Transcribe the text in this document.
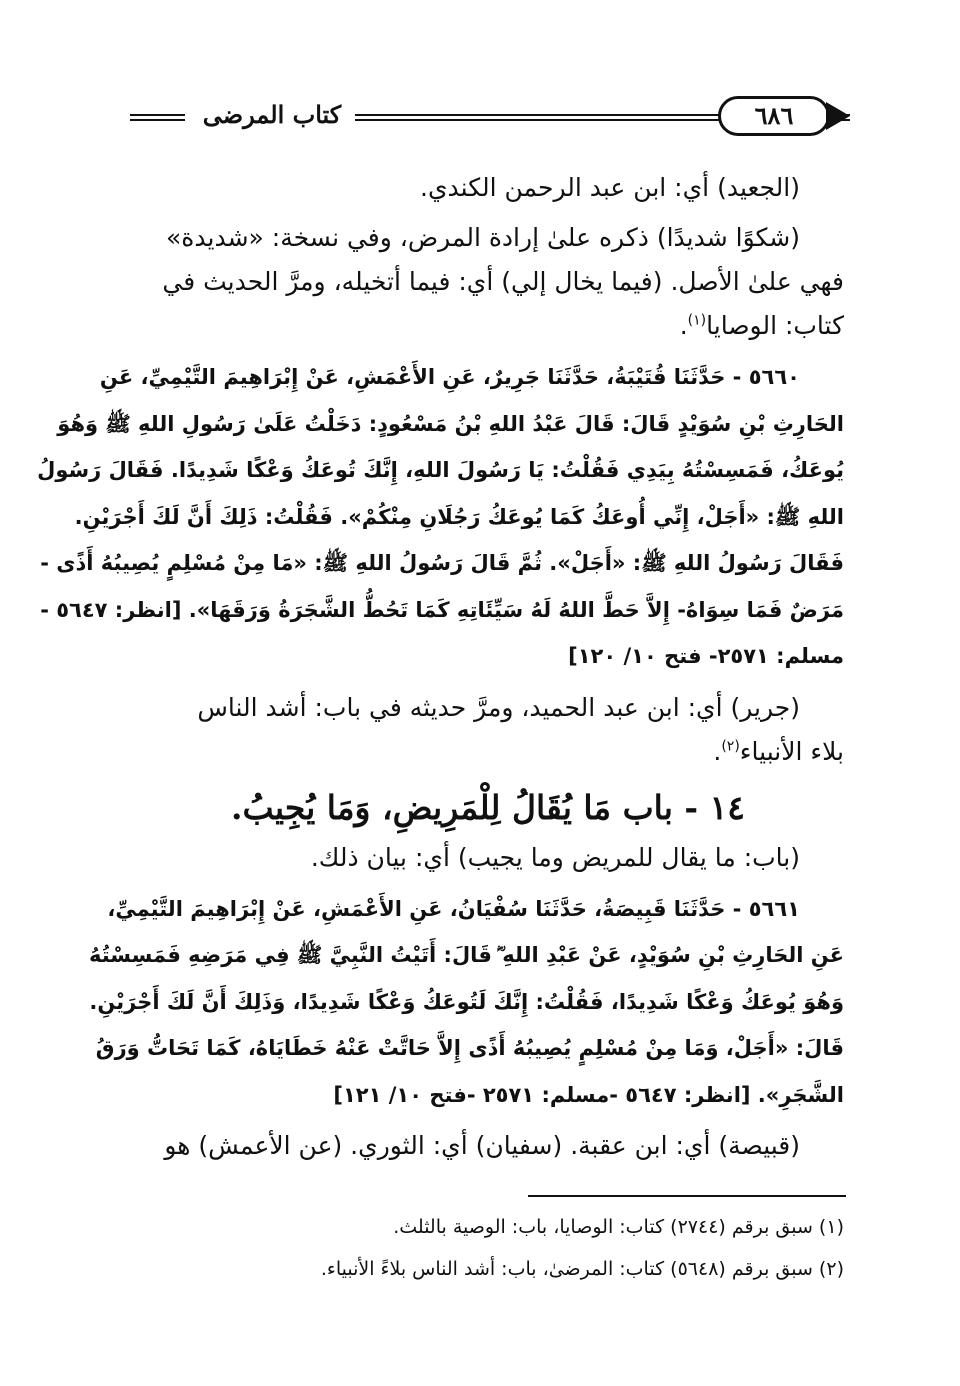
كتاب المرضى	٦٨٦

(الجعيد) أي: ابن عبد الرحمن الكندي.

(شكوًا شديدًا) ذكره علىٰ إرادة المرض، وفي نسخة: «شديدة»

فهي علىٰ الأصل. (فيما يخال إلي) أي: فيما أتخيله، ومرَّ الحديث في

كتاب: الوصايا$^{(١)}$.

٥٦٦٠ - حَدَّثَنَا قُتَيْبَةُ، حَدَّثَنَا جَرِيرٌ، عَنِ الأَعْمَشِ، عَنْ إِبْرَاهِيمَ التَّيْمِيِّ، عَنِ

الحَارِثِ بْنِ سُوَيْدٍ قَالَ: قَالَ عَبْدُ اللهِ بْنُ مَسْعُودٍ: دَخَلْتُ عَلَىٰ رَسُولِ اللهِ ﷺ وَهُوَ

يُوعَكُ، فَمَسِسْتُهُ بِيَدِي فَقُلْتُ: يَا رَسُولَ اللهِ، إِنَّكَ تُوعَكُ وَعْكًا شَدِيدًا. فَقَالَ رَسُولُ

اللهِ ﷺ: «أَجَلْ، إِنِّي أُوعَكُ كَمَا يُوعَكُ رَجُلَانِ مِنْكُمْ». فَقُلْتُ: ذَلِكَ أَنَّ لَكَ أَجْرَيْنِ.

فَقَالَ رَسُولُ اللهِ ﷺ: «أَجَلْ». ثُمَّ قَالَ رَسُولُ اللهِ ﷺ: «مَا مِنْ مُسْلِمٍ يُصِيبُهُ أَذًى -

مَرَضٌ فَمَا سِوَاهُ- إِلاَّ حَطَّ اللهُ لَهُ سَيِّئَاتِهِ كَمَا تَحُطُّ الشَّجَرَةُ وَرَقَهَا». [انظر: ٥٦٤٧ -

مسلم: ٢٥٧١- فتح ١٠/ ١٢٠]

(جرير) أي: ابن عبد الحميد، ومرَّ حديثه في باب: أشد الناس

بلاء الأنبياء$^{(٢)}$.

١٤ - باب مَا يُقَالُ لِلْمَرِيضِ، وَمَا يُجِيبُ.

(باب: ما يقال للمريض وما يجيب) أي: بيان ذلك.

٥٦٦١ - حَدَّثَنَا قَبِيصَةُ، حَدَّثَنَا سُفْيَانُ، عَنِ الأَعْمَشِ، عَنْ إِبْرَاهِيمَ التَّيْمِيِّ،

عَنِ الحَارِثِ بْنِ سُوَيْدٍ، عَنْ عَبْدِ اللهِ ؓ قَالَ: أَتَيْتُ النَّبِيَّ ﷺ فِي مَرَضِهِ فَمَسِسْتُهُ

وَهُوَ يُوعَكُ وَعْكًا شَدِيدًا، فَقُلْتُ: إِنَّكَ لَتُوعَكُ وَعْكًا شَدِيدًا، وَذَلِكَ أَنَّ لَكَ أَجْرَيْنِ.

قَالَ: «أَجَلْ، وَمَا مِنْ مُسْلِمٍ يُصِيبُهُ أَذًى إِلاَّ حَاتَّتْ عَنْهُ خَطَايَاهُ، كَمَا تَحَاتُّ وَرَقُ

الشَّجَرِ». [انظر: ٥٦٤٧ -مسلم: ٢٥٧١ -فتح ١٠/ ١٢١]

(قبيصة) أي: ابن عقبة. (سفيان) أي: الثوري. (عن الأعمش) هو

(١) سبق برقم (٢٧٤٤) كتاب: الوصايا، باب: الوصية بالثلث.

(٢) سبق برقم (٥٦٤٨) كتاب: المرضىٰ، باب: أشد الناس بلاءً الأنبياء.
